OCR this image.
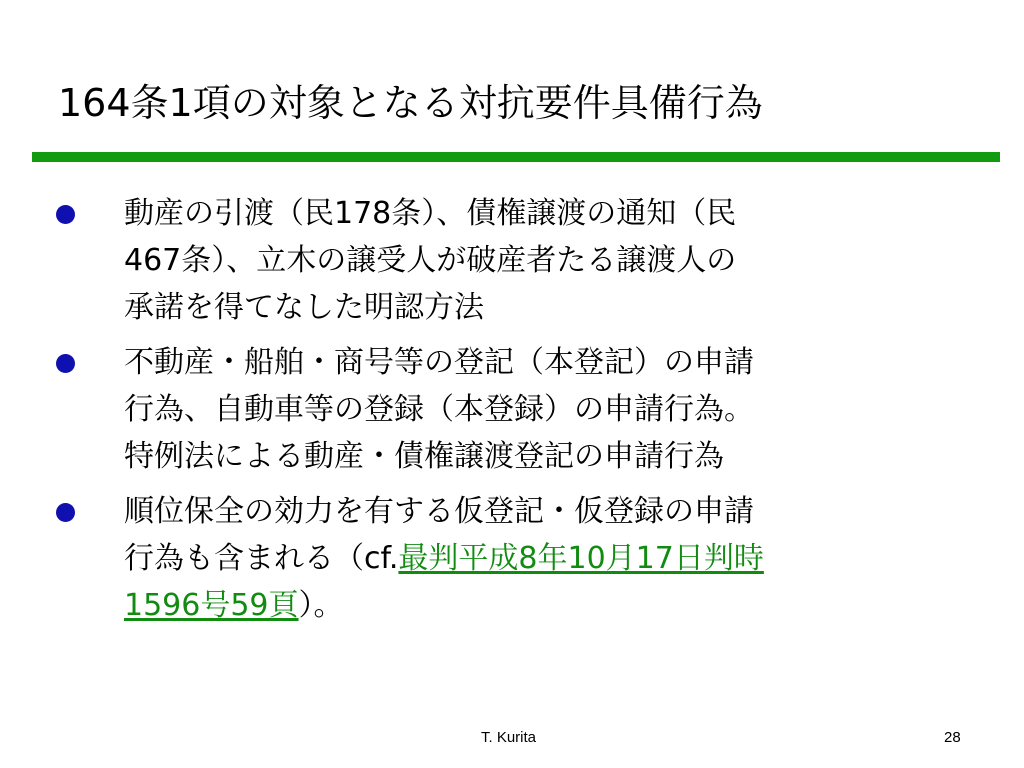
164条1項の対象となる対抗要件具備行為
動産の引渡（民178条）、債権譲渡の通知（民
467条）、立木の譲受人が破産者たる譲渡人の
承諾を得てなした明認方法
不動産・船舶・商号等の登記（本登記）の申請
行為、自動車等の登録（本登録）の申請行為。
特例法による動産・債権譲渡登記の申請行為
順位保全の効力を有する仮登記・仮登録の申請
行為も含まれる（cf.最判平成8年10月17日判時
1596号59頁）。
T. Kurita	28
